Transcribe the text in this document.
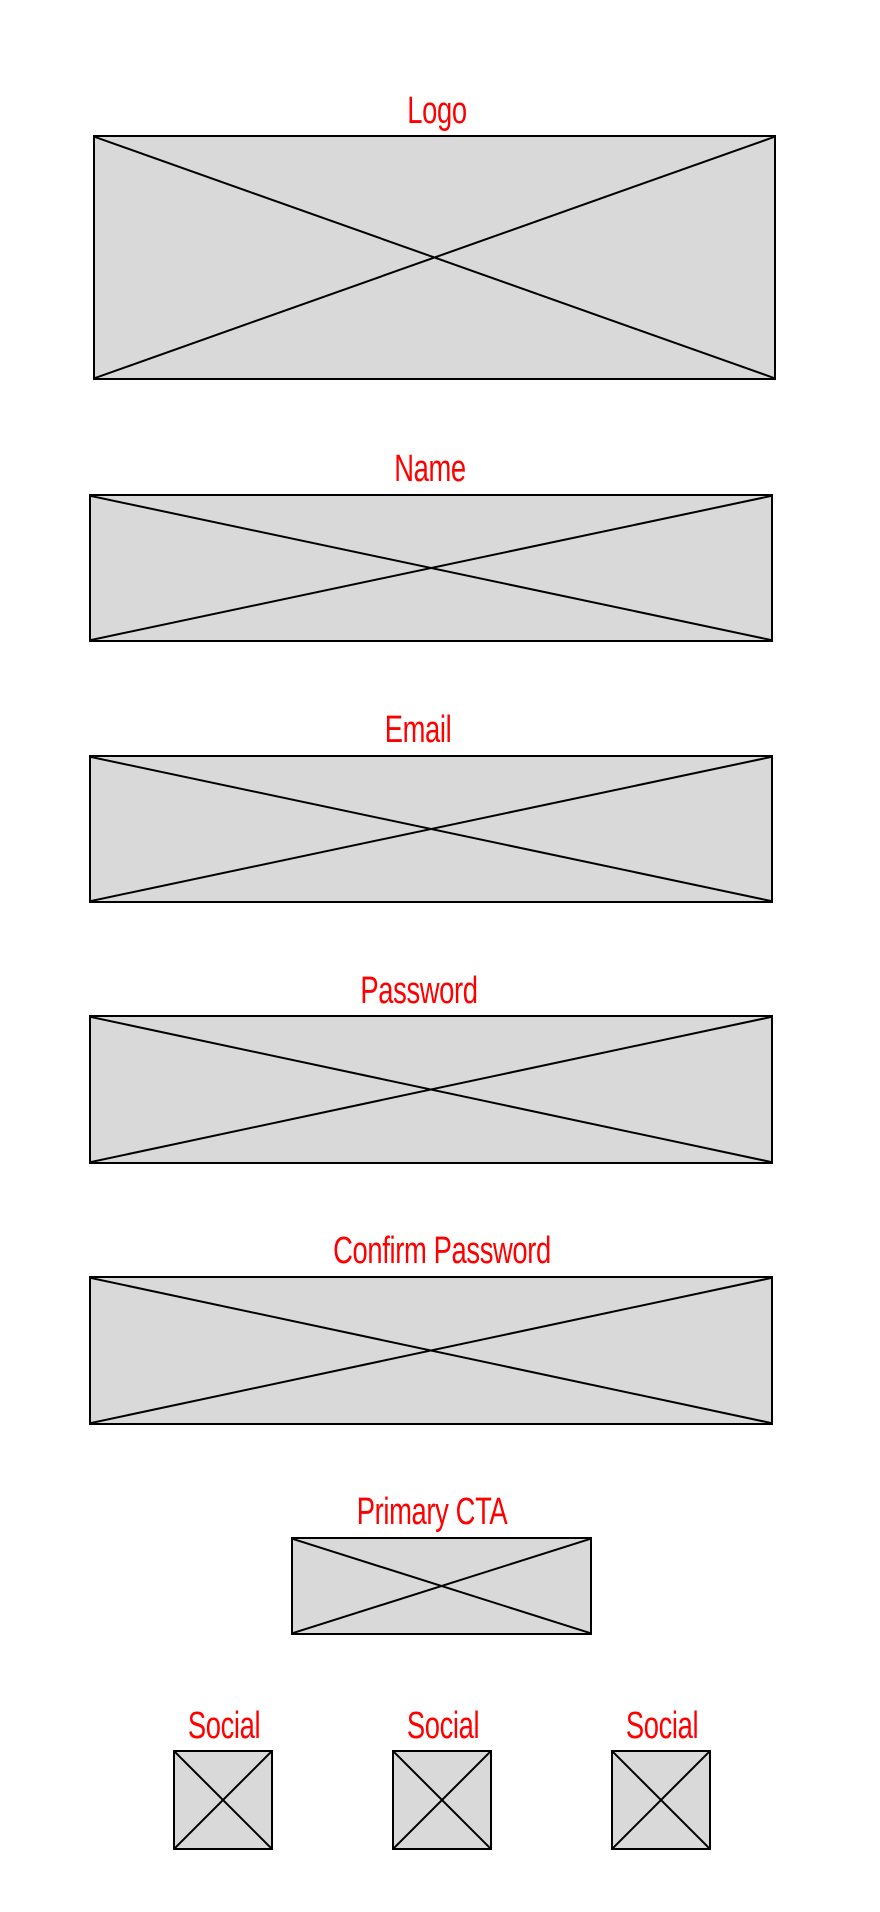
Logo
Name
Email
Password
Confirm Password
Primary CTA
Social	Social	Social
